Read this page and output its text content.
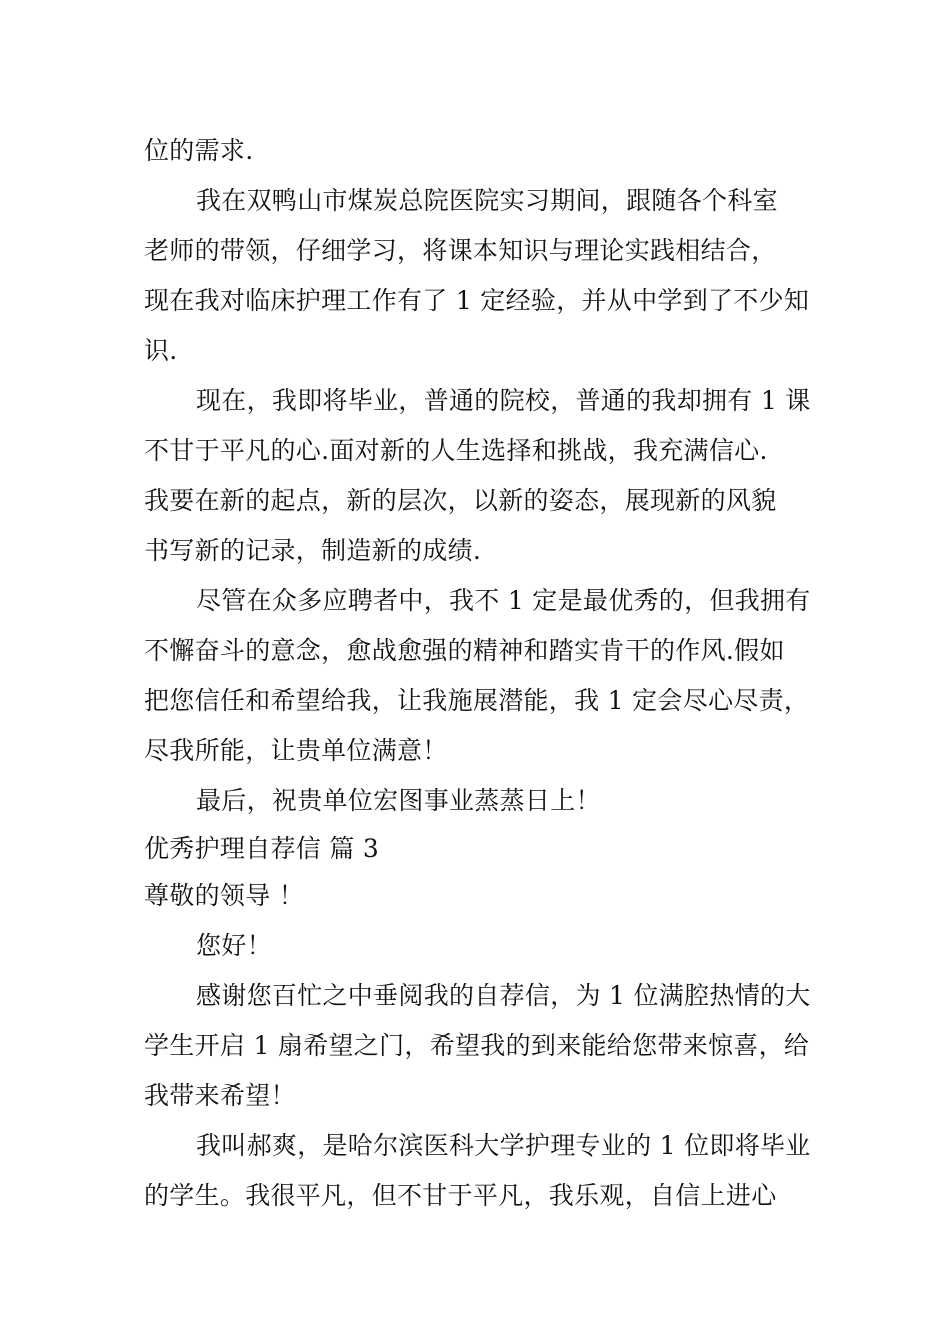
位的需求.
我在双鸭山市煤炭总院医院实习期间，跟随各个科室
老师的带领，仔细学习，将课本知识与理论实践相结合，
现在我对临床护理工作有了 1 定经验，并从中学到了不少知
识.
现在，我即将毕业，普通的院校，普通的我却拥有 1 课
不甘于平凡的心.面对新的人生选择和挑战，我充满信心.
我要在新的起点，新的层次，以新的姿态，展现新的风貌
书写新的记录，制造新的成绩.
尽管在众多应聘者中，我不 1 定是最优秀的，但我拥有
不懈奋斗的意念，愈战愈强的精神和踏实肯干的作风.假如
把您信任和希望给我，让我施展潜能，我 1 定会尽心尽责，
尽我所能，让贵单位满意！
最后，祝贵单位宏图事业蒸蒸日上！
优秀护理自荐信 篇 3
尊敬的领导 ！
您好！
感谢您百忙之中垂阅我的自荐信，为 1 位满腔热情的大
学生开启 1 扇希望之门，希望我的到来能给您带来惊喜，给
我带来希望！
我叫郝爽，是哈尔滨医科大学护理专业的 1 位即将毕业
的学生。我很平凡，但不甘于平凡，我乐观，自信上进心
